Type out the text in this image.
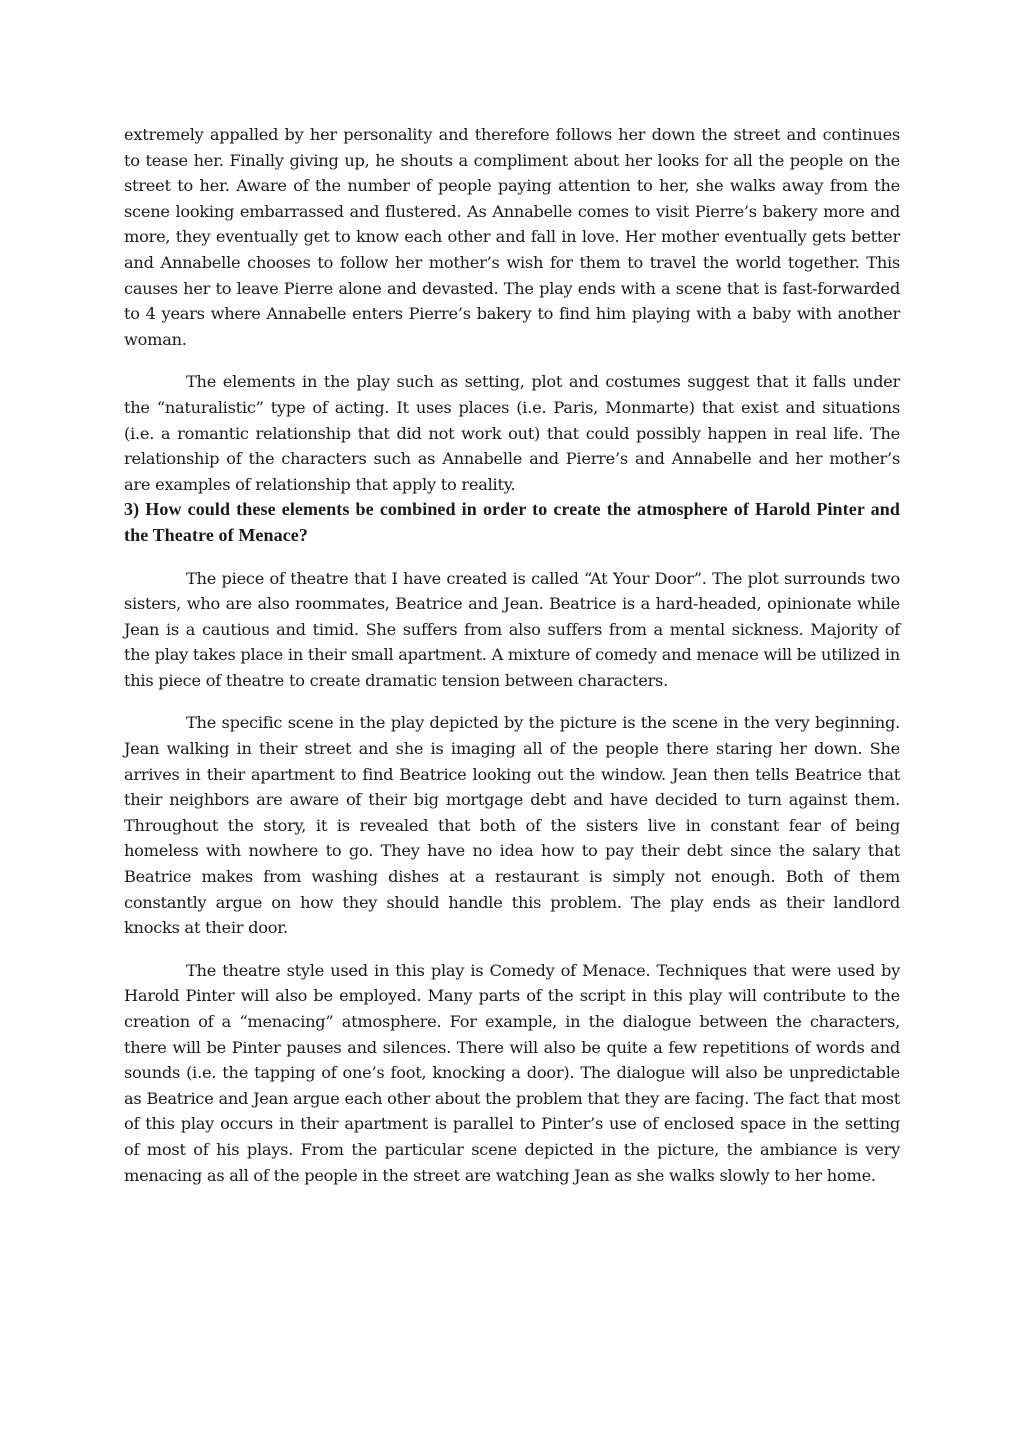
extremely appalled by her personality and therefore follows her down the street and continues to tease her. Finally giving up, he shouts a compliment about her looks for all the people on the street to her. Aware of the number of people paying attention to her, she walks away from the scene looking embarrassed and flustered. As Annabelle comes to visit Pierre’s bakery more and more, they eventually get to know each other and fall in love. Her mother eventually gets better and Annabelle chooses to follow her mother’s wish for them to travel the world together. This causes her to leave Pierre alone and devasted. The play ends with a scene that is fast-forwarded to 4 years where Annabelle enters Pierre’s bakery to find him playing with a baby with another woman.

The elements in the play such as setting, plot and costumes suggest that it falls under the “naturalistic” type of acting. It uses places (i.e. Paris, Monmarte) that exist and situations (i.e. a romantic relationship that did not work out) that could possibly happen in real life. The relationship of the characters such as Annabelle and Pierre’s and Annabelle and her mother’s are examples of relationship that apply to reality.

3) How could these elements be combined in order to create the atmosphere of Harold Pinter and the Theatre of Menace?

The piece of theatre that I have created is called “At Your Door”. The plot surrounds two sisters, who are also roommates, Beatrice and Jean. Beatrice is a hard-headed, opinionate while Jean is a cautious and timid. She suffers from also suffers from a mental sickness. Majority of the play takes place in their small apartment. A mixture of comedy and menace will be utilized in this piece of theatre to create dramatic tension between characters.

The specific scene in the play depicted by the picture is the scene in the very beginning. Jean walking in their street and she is imaging all of the people there staring her down. She arrives in their apartment to find Beatrice looking out the window. Jean then tells Beatrice that their neighbors are aware of their big mortgage debt and have decided to turn against them. Throughout the story, it is revealed that both of the sisters live in constant fear of being homeless with nowhere to go. They have no idea how to pay their debt since the salary that Beatrice makes from washing dishes at a restaurant is simply not enough. Both of them constantly argue on how they should handle this problem. The play ends as their landlord knocks at their door.

The theatre style used in this play is Comedy of Menace. Techniques that were used by Harold Pinter will also be employed. Many parts of the script in this play will contribute to the creation of a “menacing” atmosphere. For example, in the dialogue between the characters, there will be Pinter pauses and silences. There will also be quite a few repetitions of words and sounds (i.e. the tapping of one’s foot, knocking a door). The dialogue will also be unpredictable as Beatrice and Jean argue each other about the problem that they are facing. The fact that most of this play occurs in their apartment is parallel to Pinter’s use of enclosed space in the setting of most of his plays. From the particular scene depicted in the picture, the ambiance is very menacing as all of the people in the street are watching Jean as she walks slowly to her home.
